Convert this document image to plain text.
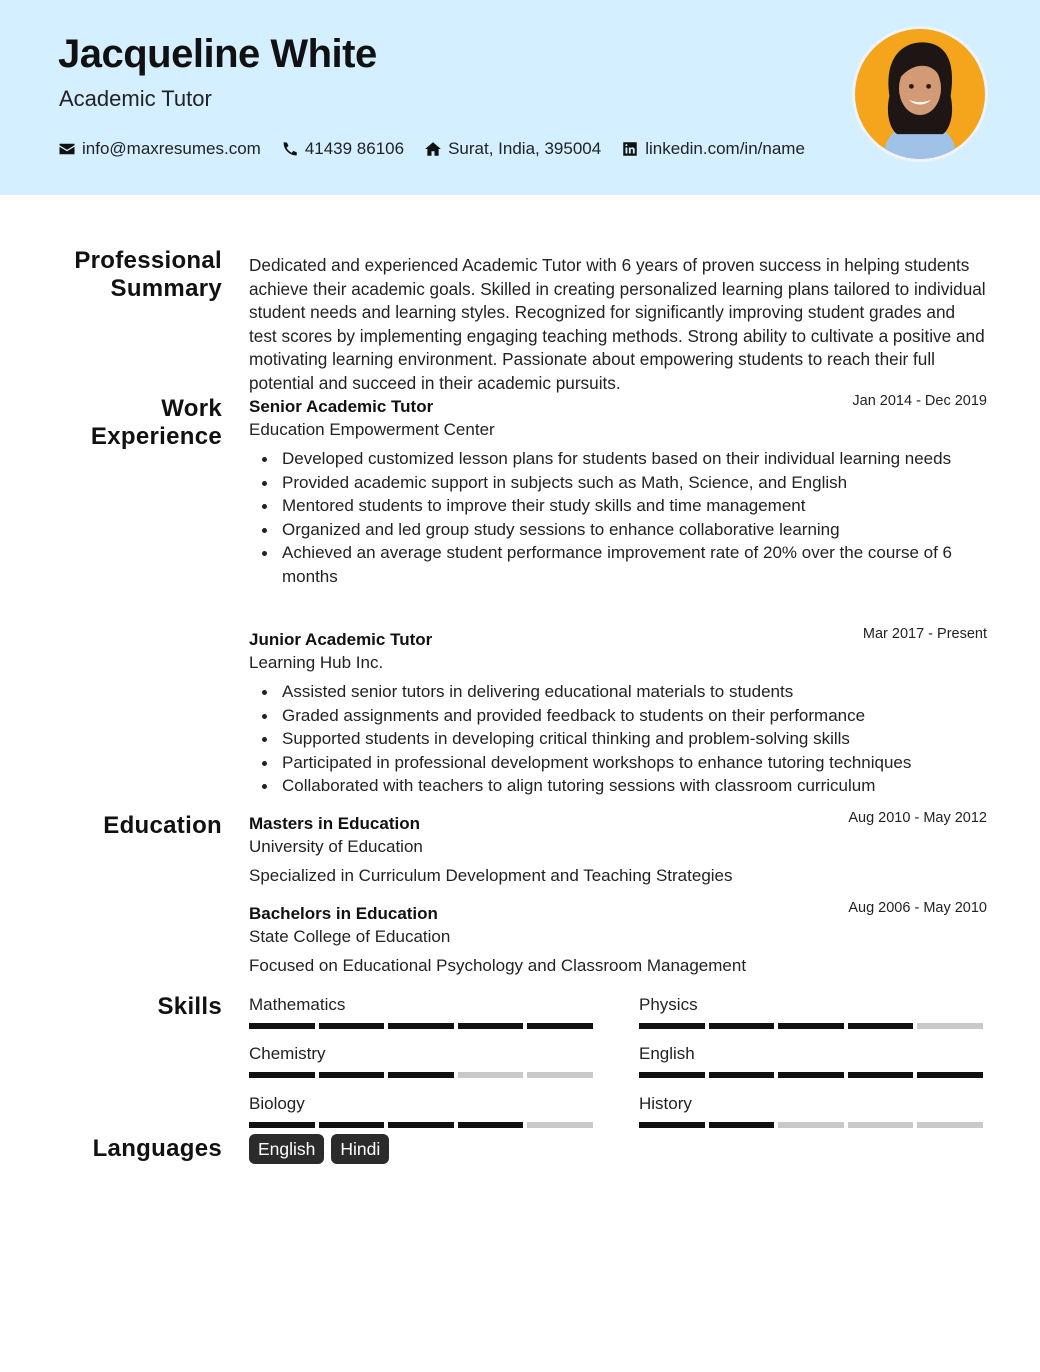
Jacqueline White
Academic Tutor
info@maxresumes.com	41439 86106	Surat, India, 395004	linkedin.com/in/name
Professional
Summary
Dedicated and experienced Academic Tutor with 6 years of proven success in helping students achieve their academic goals. Skilled in creating personalized learning plans tailored to individual student needs and learning styles. Recognized for significantly improving student grades and test scores by implementing engaging teaching methods. Strong ability to cultivate a positive and motivating learning environment. Passionate about empowering students to reach their full potential and succeed in their academic pursuits.
Work
Experience
Senior Academic Tutor	Jan 2014 - Dec 2019
Education Empowerment Center
Developed customized lesson plans for students based on their individual learning needs
Provided academic support in subjects such as Math, Science, and English
Mentored students to improve their study skills and time management
Organized and led group study sessions to enhance collaborative learning
Achieved an average student performance improvement rate of 20% over the course of 6 months
Junior Academic Tutor	Mar 2017 - Present
Learning Hub Inc.
Assisted senior tutors in delivering educational materials to students
Graded assignments and provided feedback to students on their performance
Supported students in developing critical thinking and problem-solving skills
Participated in professional development workshops to enhance tutoring techniques
Collaborated with teachers to align tutoring sessions with classroom curriculum
Education Masters in Education	Aug 2010 - May 2012
University of Education
Specialized in Curriculum Development and Teaching Strategies
Bachelors in Education	Aug 2006 - May 2010
State College of Education
Focused on Educational Psychology and Classroom Management
Skills Mathematics	Physics
Chemistry	English
Biology	History
Languages	English	Hindi
